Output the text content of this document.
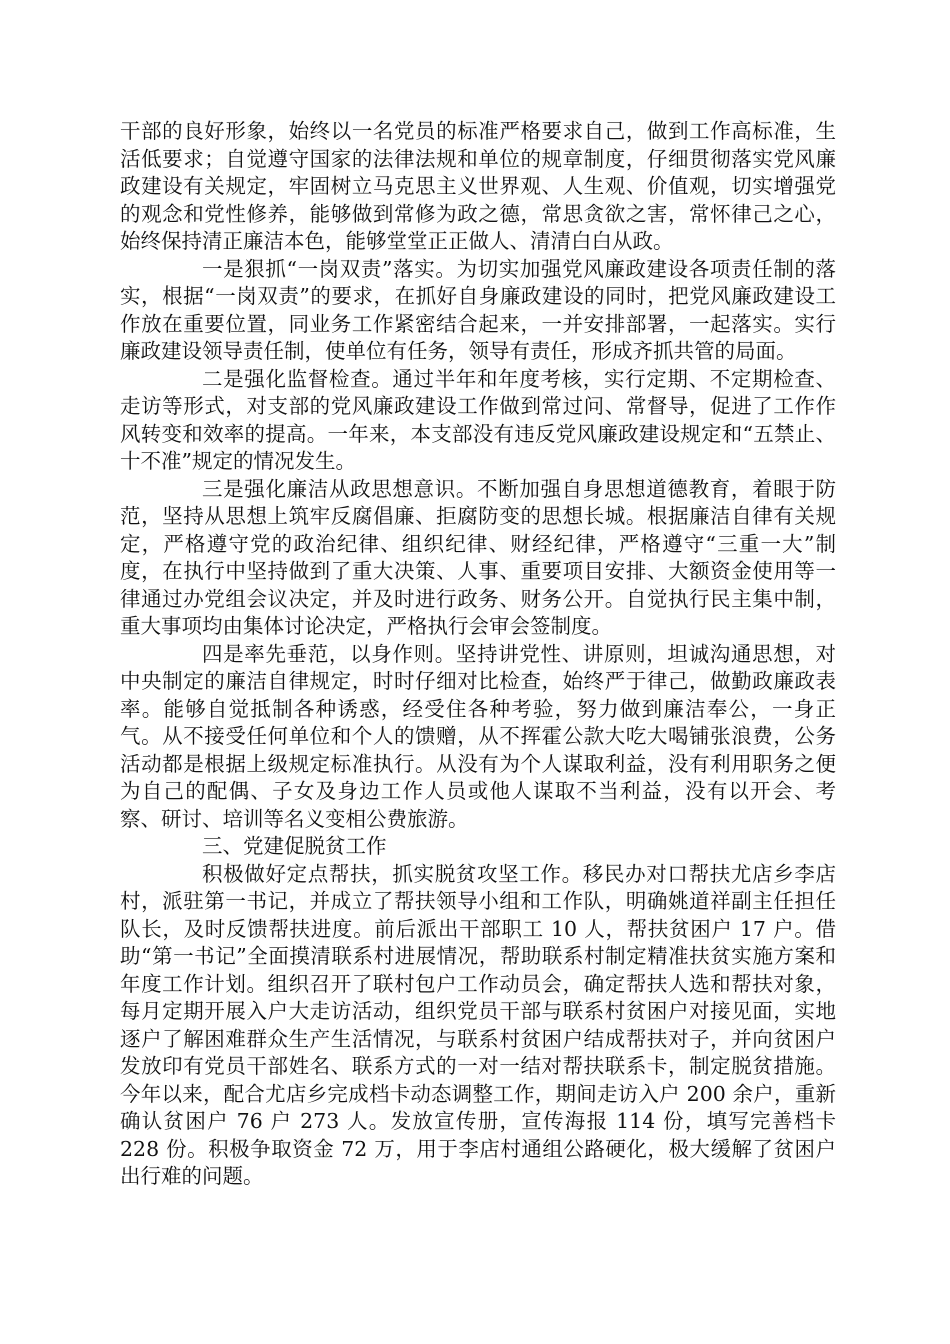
干部的良好形象，始终以一名党员的标准严格要求自己，做到工作高标准，生活低要求；自觉遵守国家的法律法规和单位的规章制度，仔细贯彻落实党风廉政建设有关规定，牢固树立马克思主义世界观、人生观、价值观，切实增强党的观念和党性修养，能够做到常修为政之德，常思贪欲之害，常怀律己之心，始终保持清正廉洁本色，能够堂堂正正做人、清清白白从政。

一是狠抓“一岗双责”落实。为切实加强党风廉政建设各项责任制的落实，根据“一岗双责”的要求，在抓好自身廉政建设的同时，把党风廉政建设工作放在重要位置，同业务工作紧密结合起来，一并安排部署，一起落实。实行廉政建设领导责任制，使单位有任务，领导有责任，形成齐抓共管的局面。

二是强化监督检查。通过半年和年度考核，实行定期、不定期检查、走访等形式，对支部的党风廉政建设工作做到常过问、常督导，促进了工作作风转变和效率的提高。一年来，本支部没有违反党风廉政建设规定和“五禁止、十不准”规定的情况发生。

三是强化廉洁从政思想意识。不断加强自身思想道德教育，着眼于防范，坚持从思想上筑牢反腐倡廉、拒腐防变的思想长城。根据廉洁自律有关规定，严格遵守党的政治纪律、组织纪律、财经纪律，严格遵守“三重一大”制度，在执行中坚持做到了重大决策、人事、重要项目安排、大额资金使用等一律通过办党组会议决定，并及时进行政务、财务公开。自觉执行民主集中制，重大事项均由集体讨论决定，严格执行会审会签制度。

四是率先垂范，以身作则。坚持讲党性、讲原则，坦诚沟通思想，对中央制定的廉洁自律规定，时时仔细对比检查，始终严于律己，做勤政廉政表率。能够自觉抵制各种诱惑，经受住各种考验，努力做到廉洁奉公，一身正气。从不接受任何单位和个人的馈赠，从不挥霍公款大吃大喝铺张浪费，公务活动都是根据上级规定标准执行。从没有为个人谋取利益，没有利用职务之便为自己的配偶、子女及身边工作人员或他人谋取不当利益，没有以开会、考察、研讨、培训等名义变相公费旅游。

三、党建促脱贫工作

积极做好定点帮扶，抓实脱贫攻坚工作。移民办对口帮扶尤店乡李店村，派驻第一书记，并成立了帮扶领导小组和工作队，明确姚道祥副主任担任队长，及时反馈帮扶进度。前后派出干部职工 10 人，帮扶贫困户 17 户。借助“第一书记”全面摸清联系村进展情况，帮助联系村制定精准扶贫实施方案和年度工作计划。组织召开了联村包户工作动员会，确定帮扶人选和帮扶对象，每月定期开展入户大走访活动，组织党员干部与联系村贫困户对接见面，实地逐户了解困难群众生产生活情况，与联系村贫困户结成帮扶对子，并向贫困户发放印有党员干部姓名、联系方式的一对一结对帮扶联系卡，制定脱贫措施。今年以来，配合尤店乡完成档卡动态调整工作，期间走访入户 200 余户，重新确认贫困户 76 户 273 人。发放宣传册，宣传海报 114 份，填写完善档卡 228 份。积极争取资金 72 万，用于李店村通组公路硬化，极大缓解了贫困户出行难的问题。
